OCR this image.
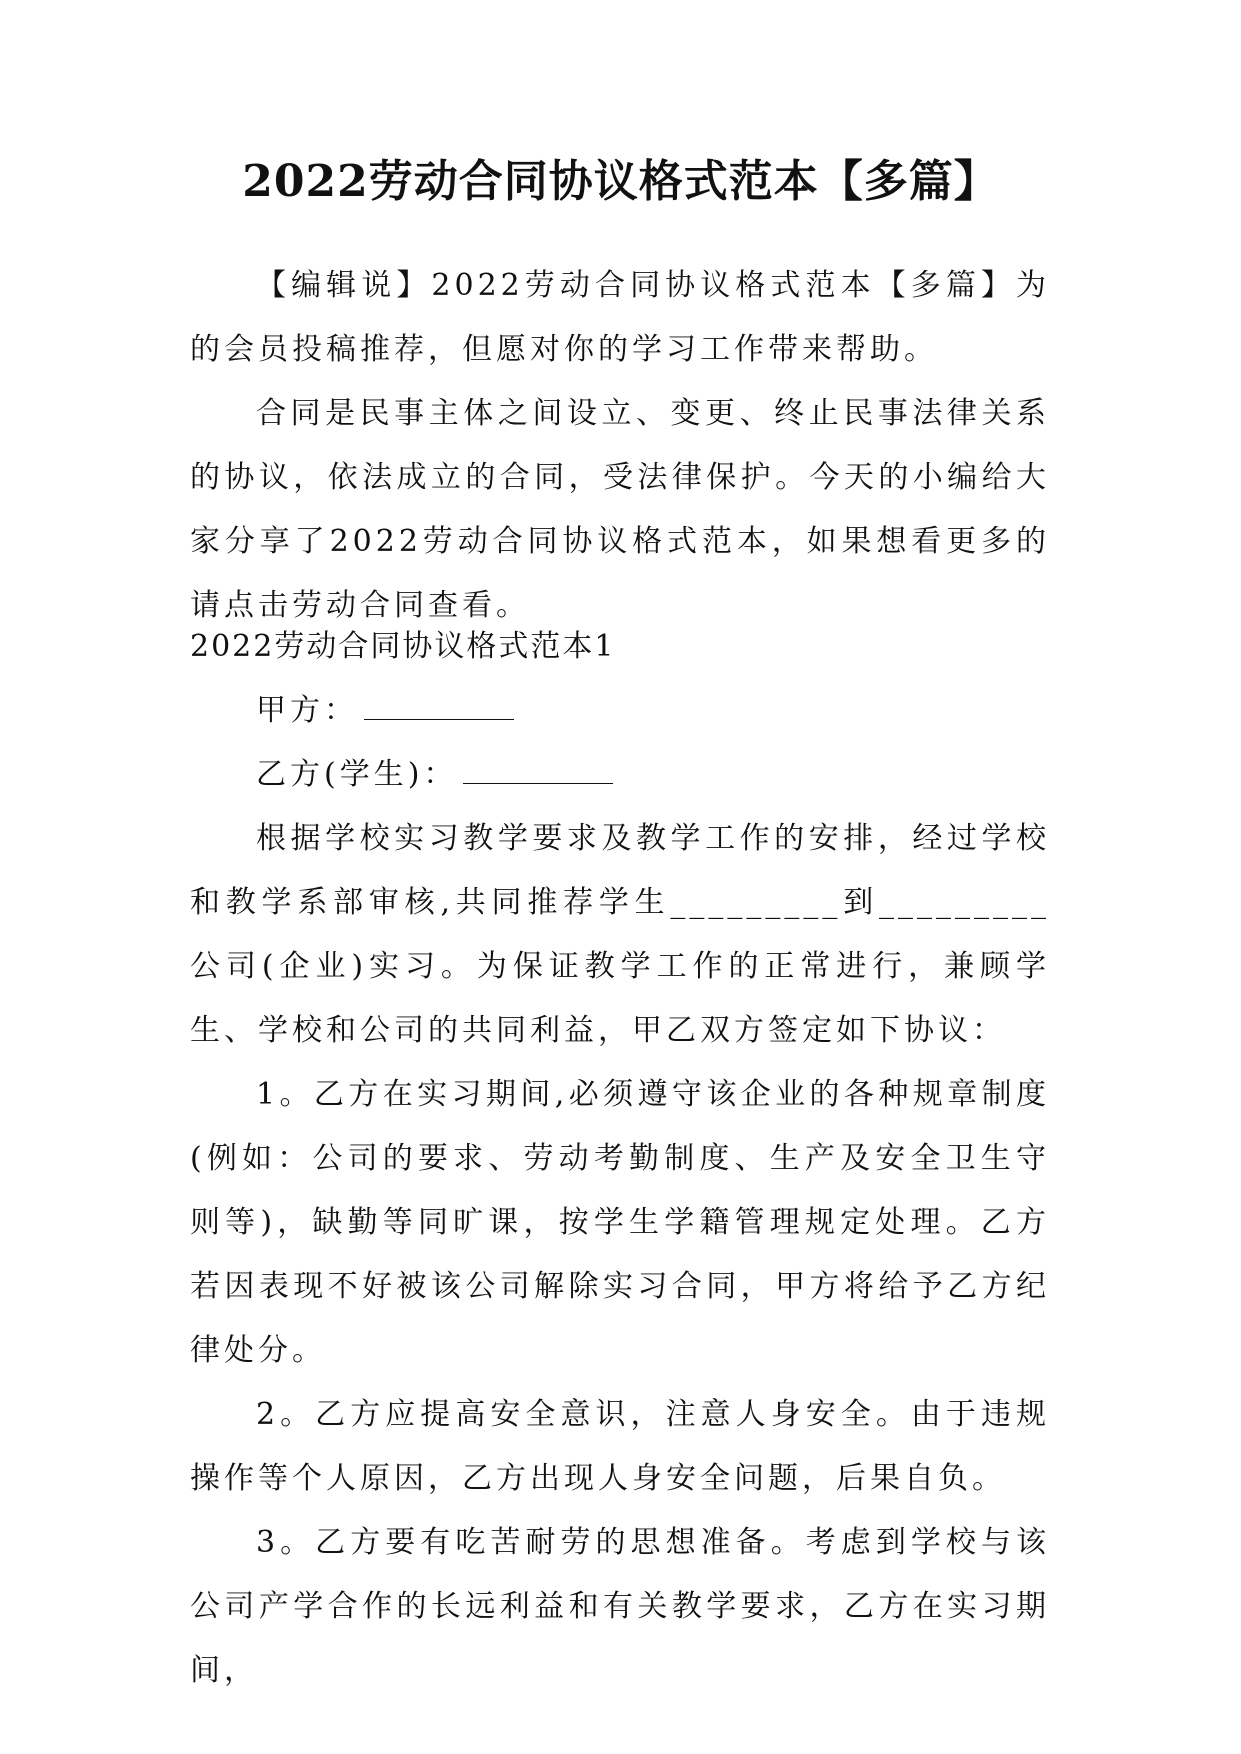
2022劳动合同协议格式范本【多篇】

【编辑说】2022劳动合同协议格式范本【多篇】为的会员投稿推荐，但愿对你的学习工作带来帮助。

合同是民事主体之间设立、变更、终止民事法律关系的协议，依法成立的合同，受法律保护。今天的小编给大家分享了2022劳动合同协议格式范本，如果想看更多的请点击劳动合同查看。

2022劳动合同协议格式范本1

甲方：

乙方(学生)：

根据学校实习教学要求及教学工作的安排，经过学校和教学系部审核,共同推荐学生_________到_________公司(企业)实习。为保证教学工作的正常进行，兼顾学生、学校和公司的共同利益，甲乙双方签定如下协议：

1。乙方在实习期间,必须遵守该企业的各种规章制度(例如：公司的要求、劳动考勤制度、生产及安全卫生守则等)，缺勤等同旷课，按学生学籍管理规定处理。乙方若因表现不好被该公司解除实习合同，甲方将给予乙方纪律处分。

2。乙方应提高安全意识，注意人身安全。由于违规操作等个人原因，乙方出现人身安全问题，后果自负。

3。乙方要有吃苦耐劳的思想准备。考虑到学校与该公司产学合作的长远利益和有关教学要求，乙方在实习期间，
